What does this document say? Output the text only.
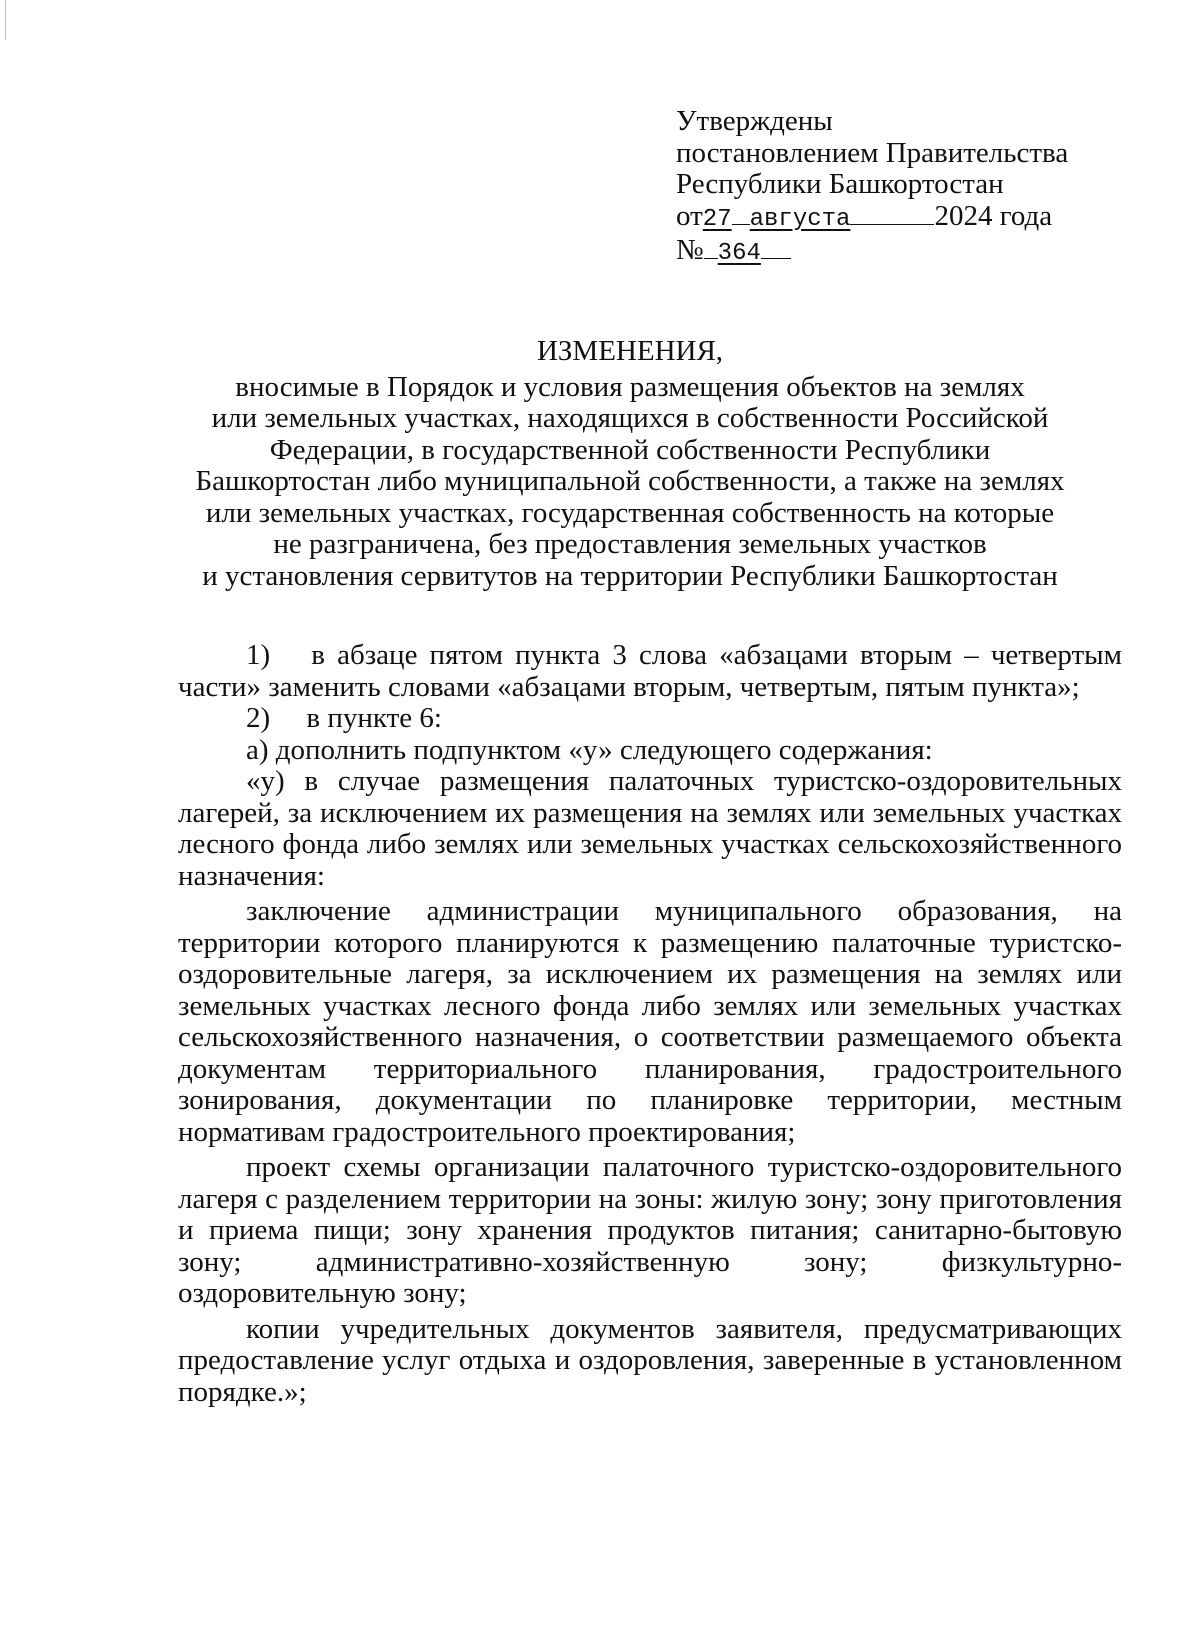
Утверждены
постановлением Правительства
Республики Башкортостан
от27 августа	2024 года
№ 364
ИЗМЕНЕНИЯ,
вносимые в Порядок и условия размещения объектов на землях
или земельных участках, находящихся в собственности Российской
Федерации, в государственной собственности Республики
Башкортостан либо муниципальной собственности, а также на землях
или земельных участках, государственная собственность на которые
не разграничена, без предоставления земельных участков
и установления сервитутов на территории Республики Башкортостан

1)  в абзаце пятом пункта 3 слова «абзацами вторым – четвертым части» заменить словами «абзацами вторым, четвертым, пятым пункта»;

2)  в пункте 6:

а) дополнить подпунктом «у» следующего содержания:

«у) в случае размещения палаточных туристско-оздоровительных лагерей, за исключением их размещения на землях или земельных участках лесного фонда либо землях или земельных участках сельскохозяйственного назначения:

заключение администрации муниципального образования, на территории которого планируются к размещению палаточные туристско-оздоровительные лагеря, за исключением их размещения на землях или земельных участках лесного фонда либо землях или земельных участках сельскохозяйственного назначения, о соответствии размещаемого объекта документам территориального планирования, градостроительного зонирования, документации по планировке территории, местным нормативам градостроительного проектирования;

проект схемы организации палаточного туристско-оздоровительного лагеря с разделением территории на зоны: жилую зону; зону приготовления и приема пищи; зону хранения продуктов питания; санитарно-бытовую зону; административно-хозяйственную зону; физкультурно-оздоровительную зону;

копии учредительных документов заявителя, предусматривающих предоставление услуг отдыха и оздоровления, заверенные в установленном порядке.»;
